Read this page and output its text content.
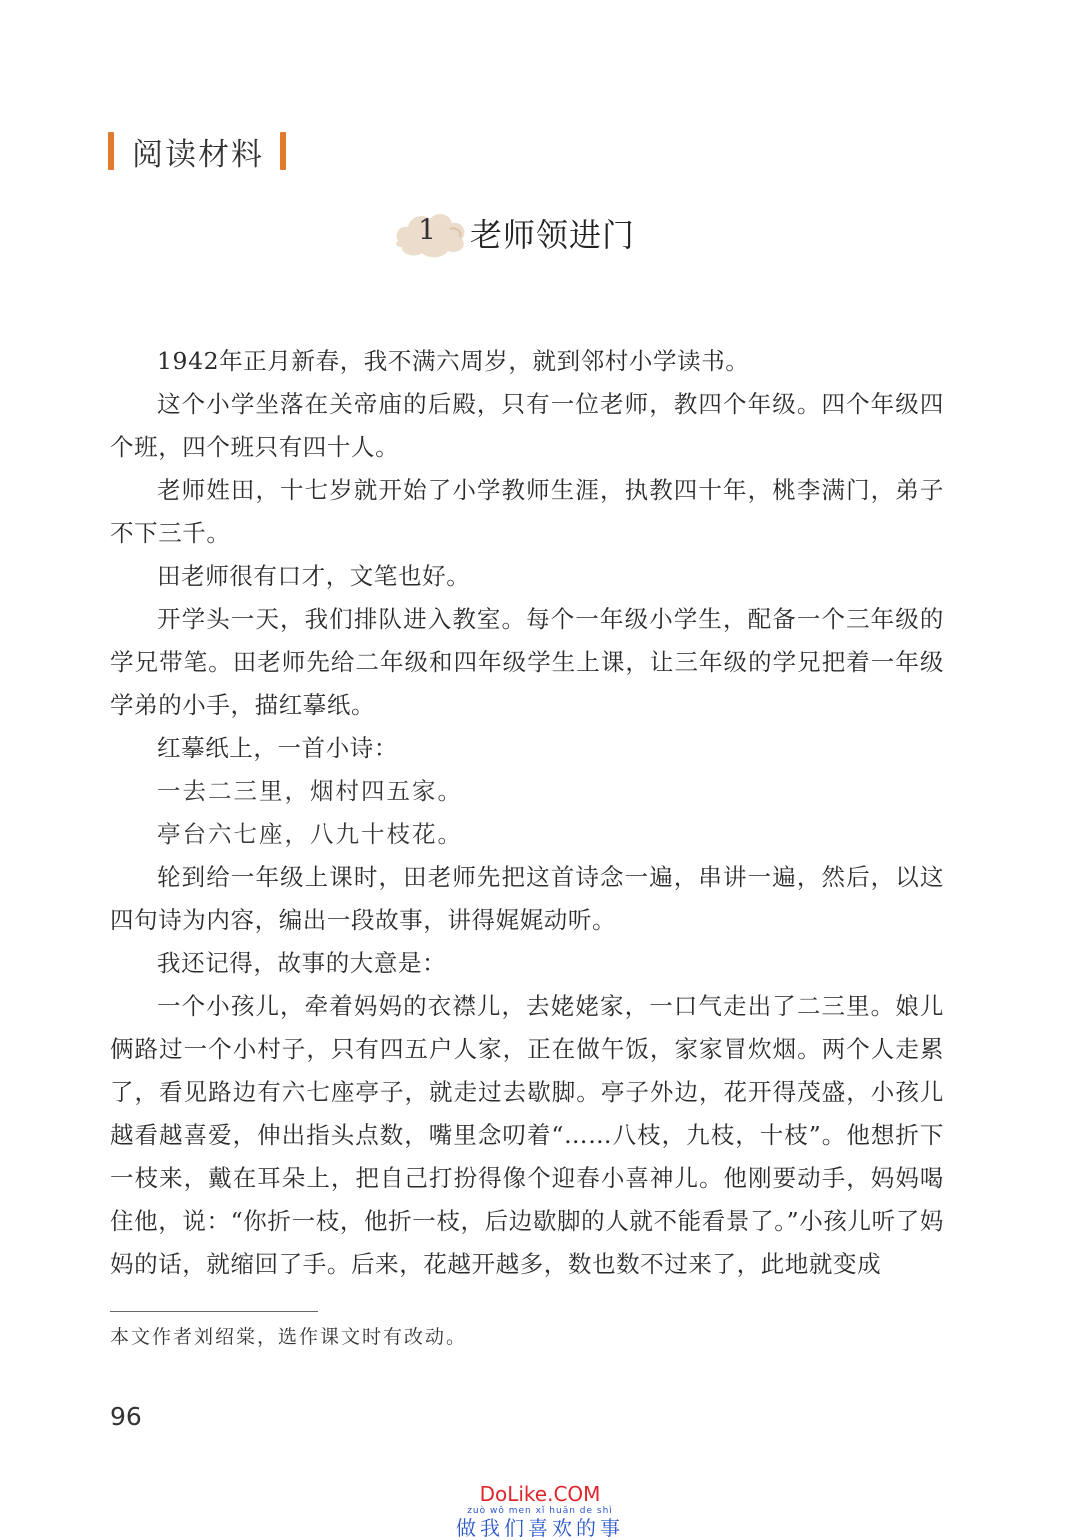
阅读材料
1 老师领进门

1942年正月新春，我不满六周岁，就到邻村小学读书。

这个小学坐落在关帝庙的后殿，只有一位老师，教四个年级。四个年级四个班，四个班只有四十人。

老师姓田，十七岁就开始了小学教师生涯，执教四十年，桃李满门，弟子不下三千。

田老师很有口才，文笔也好。

开学头一天，我们排队进入教室。每个一年级小学生，配备一个三年级的学兄带笔。田老师先给二年级和四年级学生上课，让三年级的学兄把着一年级学弟的小手，描红摹纸。

红摹纸上，一首小诗：

一去二三里，烟村四五家。

亭台六七座，八九十枝花。

轮到给一年级上课时，田老师先把这首诗念一遍，串讲一遍，然后，以这四句诗为内容，编出一段故事，讲得娓娓动听。

我还记得，故事的大意是：

一个小孩儿，牵着妈妈的衣襟儿，去姥姥家，一口气走出了二三里。娘儿俩路过一个小村子，只有四五户人家，正在做午饭，家家冒炊烟。两个人走累了，看见路边有六七座亭子，就走过去歇脚。亭子外边，花开得茂盛，小孩儿越看越喜爱，伸出指头点数，嘴里念叨着“……八枝，九枝，十枝”。他想折下一枝来，戴在耳朵上，把自己打扮得像个迎春小喜神儿。他刚要动手，妈妈喝住他，说：“你折一枝，他折一枝，后边歇脚的人就不能看景了。”小孩儿听了妈妈的话，就缩回了手。后来，花越开越多，数也数不过来了，此地就变成

本文作者刘绍棠，选作课文时有改动。
96
DoLike.COM
zuò wǒ men xǐ huān de shì
做我们喜欢的事
